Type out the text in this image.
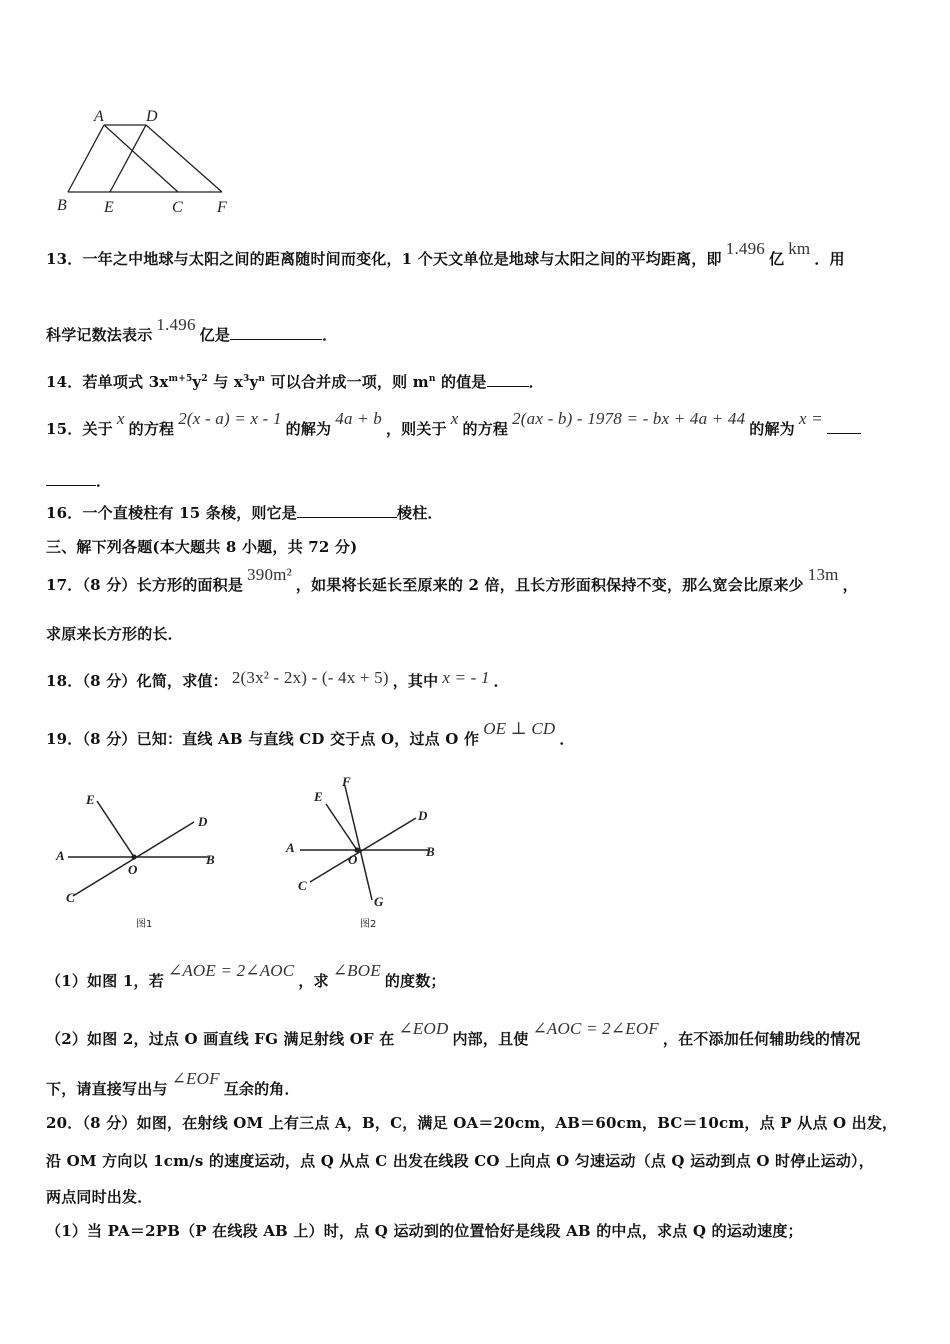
A	D
B E	C F
13．一年之中地球与太阳之间的距离随时间而变化，1 个天文单位是地球与太阳之间的平均距离，即1.496亿km．用
科学记数法表示1.496亿是	．
14．若单项式 $3x^{m+5}y^2$ 与 $x^3y^n$ 可以合并成一项，则 $m^n$ 的值是	．
15．关于x的方程2(x - a) = x - 1的解为4a + b，则关于x的方程2(ax - b) - 1978 = - bx + 4a + 44的解为x =
．
16．一个直棱柱有 15 条棱，则它是	棱柱．
三、解下列各题(本大题共 8 小题，共 72 分)
17．（8 分）长方形的面积是390m²，如果将长延长至原来的 2 倍，且长方形面积保持不变，那么宽会比原来少13m，
求原来长方形的长．
18．（8 分）化简，求值： 2(3x² - 2x) - (- 4x + 5) ，其中 x = - 1 ．
19．（8 分）已知：直线 AB 与直线 CD 交于点 O，过点 O 作OE ⊥ CD．
E
D
A
O
B
C
图1
F
E
D
A
O
B
C
G
图2
（1）如图 1，若∠AOE = 2∠AOC，求∠BOE的度数；
（2）如图 2，过点 O 画直线 FG 满足射线 OF 在∠EOD内部，且使∠AOC = 2∠EOF，在不添加任何辅助线的情况
下，请直接写出与∠EOF互余的角．
20．（8 分）如图，在射线 OM 上有三点 A，B，C，满足 OA＝20cm，AB＝60cm，BC＝10cm，点 P 从点 O 出发，
沿 OM 方向以 1cm/s 的速度运动，点 Q 从点 C 出发在线段 CO 上向点 O 匀速运动（点 Q 运动到点 O 时停止运动），
两点同时出发．
（1）当 PA＝2PB（P 在线段 AB 上）时，点 Q 运动到的位置恰好是线段 AB 的中点，求点 Q 的运动速度；
